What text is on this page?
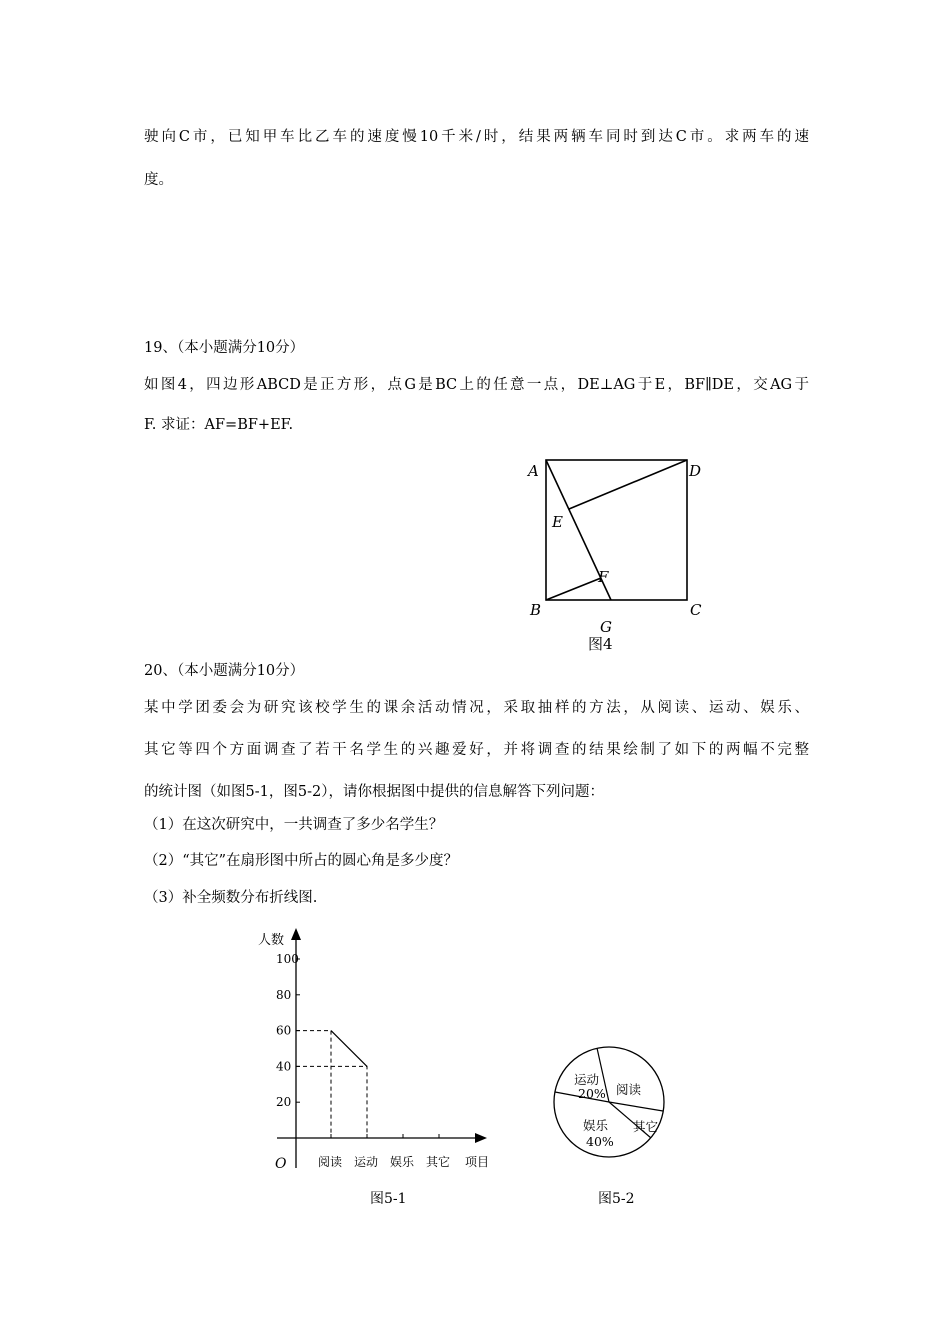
驶向C市，已知甲车比乙车的速度慢10千米/时，结果两辆车同时到达C市。求两车的速
度。
19、（本小题满分10分）
如图4，四边形ABCD是正方形，点G是BC上的任意一点，DE⊥AG于E，BF∥DE，交AG于
F. 求证：AF=BF+EF.
A	D
E
F
B	C
G
图4
20、（本小题满分10分）
某中学团委会为研究该校学生的课余活动情况，采取抽样的方法，从阅读、运动、娱乐、
其它等四个方面调查了若干名学生的兴趣爱好，并将调查的结果绘制了如下的两幅不完整
的统计图（如图5-1，图5-2），请你根据图中提供的信息解答下列问题：
（1）在这次研究中，一共调查了多少名学生？
（2）“其它”在扇形图中所占的圆心角是多少度？
（3）补全频数分布折线图.
20
40
60
80
100
阅读 运动 娱乐 其它
人数
项目
O
图5-1
阅读
运动
20%
娱乐
40%
其它
图5-2
